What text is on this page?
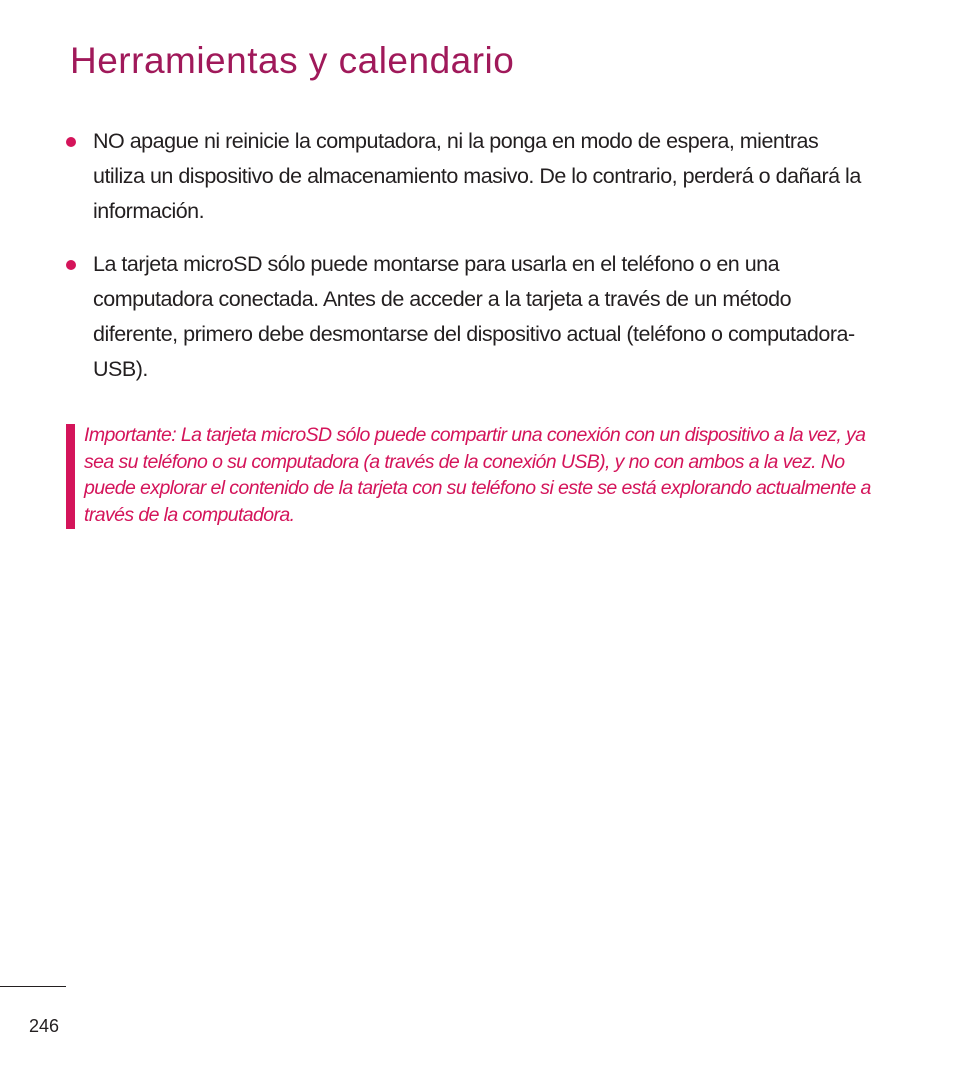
Herramientas y calendario
NO apague ni reinicie la computadora, ni la ponga en modo de espera, mientras utiliza un dispositivo de almacenamiento masivo. De lo contrario, perderá o dañará la información.
La tarjeta microSD sólo puede montarse para usarla en el teléfono o en una computadora conectada. Antes de acceder a la tarjeta a través de un método diferente, primero debe desmontarse del dispositivo actual (teléfono o computadora-USB).
Importante: La tarjeta microSD sólo puede compartir una conexión con un dispositivo a la vez, ya sea su teléfono o su computadora (a través de la conexión USB), y no con ambos a la vez. No puede explorar el contenido de la tarjeta con su teléfono si este se está explorando actualmente a través de la computadora.
246
